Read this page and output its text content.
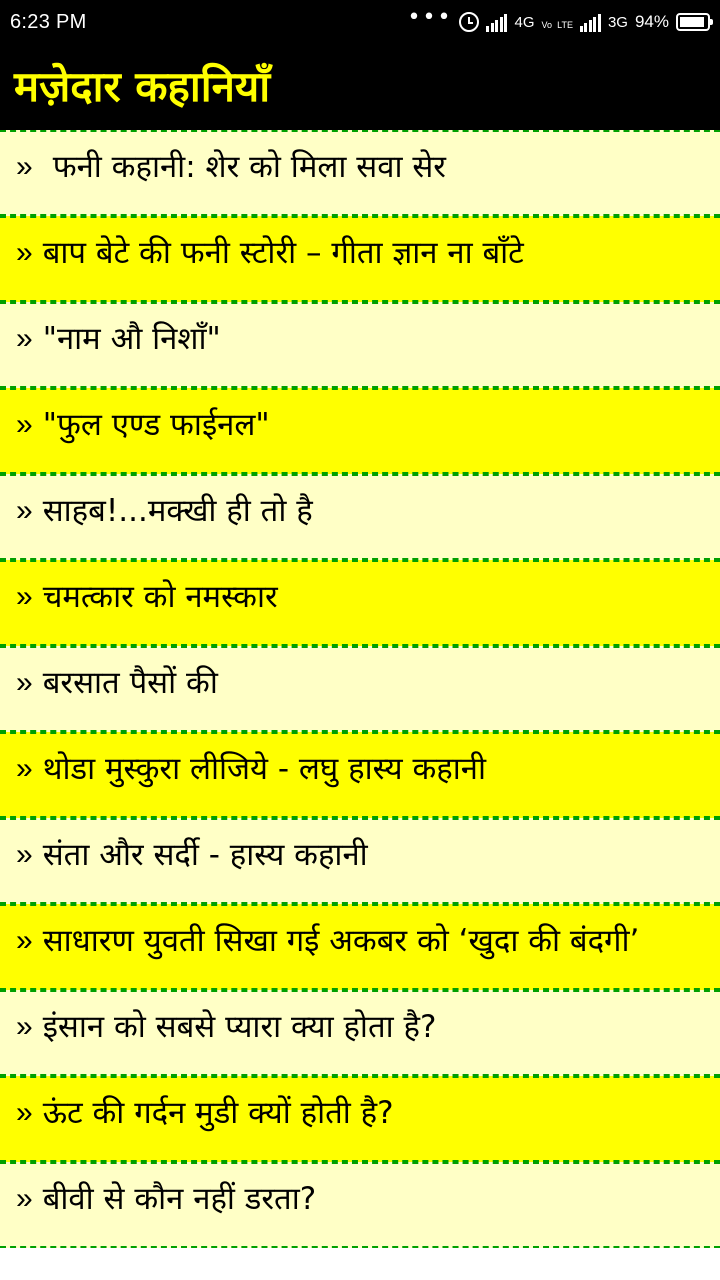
6:23 PM	•••	4G Vo LTE 3G 94%
मज़ेदार कहानियाँ
» फनी कहानी: शेर को मिला सवा सेर
» बाप बेटे की फनी स्टोरी – गीता ज्ञान ना बाँटे
» "नाम औ निशाँ"
» "फुल एण्ड फाईनल"
» साहब!...मक्खी ही तो है
» चमत्कार को नमस्कार
» बरसात पैसों की
» थोडा मुस्कुरा लीजिये - लघु हास्य कहानी
» संता और सर्दी - हास्य कहानी
» साधारण युवती सिखा गई अकबर को ‘खुदा की बंदगी’
» इंसान को सबसे प्यारा क्या होता है?
» ऊंट की गर्दन मुडी क्यों होती है?
» बीवी से कौन नहीं डरता?
